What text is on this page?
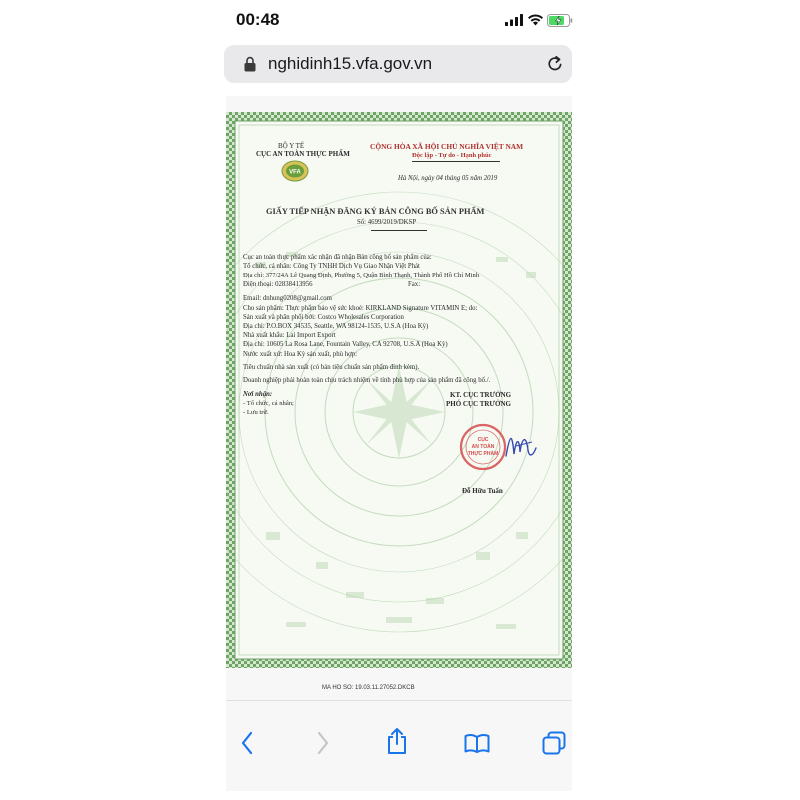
00:48
nghidinh15.vfa.gov.vn
VFA
BỘ Y TẾ
CỤC AN TOÀN THỰC PHẨM
CỘNG HÒA XÃ HỘI CHỦ NGHĨA VIỆT NAM
Độc lập - Tự do - Hạnh phúc
Hà Nội, ngày 04 tháng 05 năm 2019
GIẤY TIẾP NHẬN ĐĂNG KÝ BẢN CÔNG BỐ SẢN PHẨM
Số: 4699/2019/DKSP
Cục an toàn thực phẩm xác nhận đã nhận Bản công bố sản phẩm của:
Tổ chức, cá nhân: Công Ty TNHH Dịch Vụ Giao Nhận Việt Phát
Địa chỉ: 377/24A Lê Quang Định, Phường 5, Quận Bình Thạnh, Thành Phố Hồ Chí Minh
Điện thoại: 02838413956	Fax:
Email: dnhung0208@gmail.com
Cho sản phẩm: Thực phẩm bảo vệ sức khoẻ: KIRKLAND Signature VITAMIN E; do:
Sản xuất và phân phối bởi: Costco Wholesales Corporation
Địa chỉ: P.O.BOX 34535, Seattle, WA 98124-1535, U.S.A (Hoa Kỳ)
Nhà xuất khẩu: Lai Import Export
Địa chỉ: 10605 La Rosa Lane, Fountain Valley, CA 92708, U.S.A (Hoa Kỳ)
Nước xuất xứ: Hoa Kỳ sản xuất, phù hợp:
Tiêu chuẩn nhà sản xuất (có bản tiêu chuẩn sản phẩm đính kèm).
Doanh nghiệp phải hoàn toàn chịu trách nhiệm về tính phù hợp của sản phẩm đã công bố./.
Nơi nhận:
- Tổ chức, cá nhân;
- Lưu trữ.
KT. CỤC TRƯỞNG
PHÓ CỤC TRƯỞNG
CỤC
AN TOÀN
THỰC PHẨM
Đỗ Hữu Tuấn
MA HO SO: 19.03.11.27052.DKCB
